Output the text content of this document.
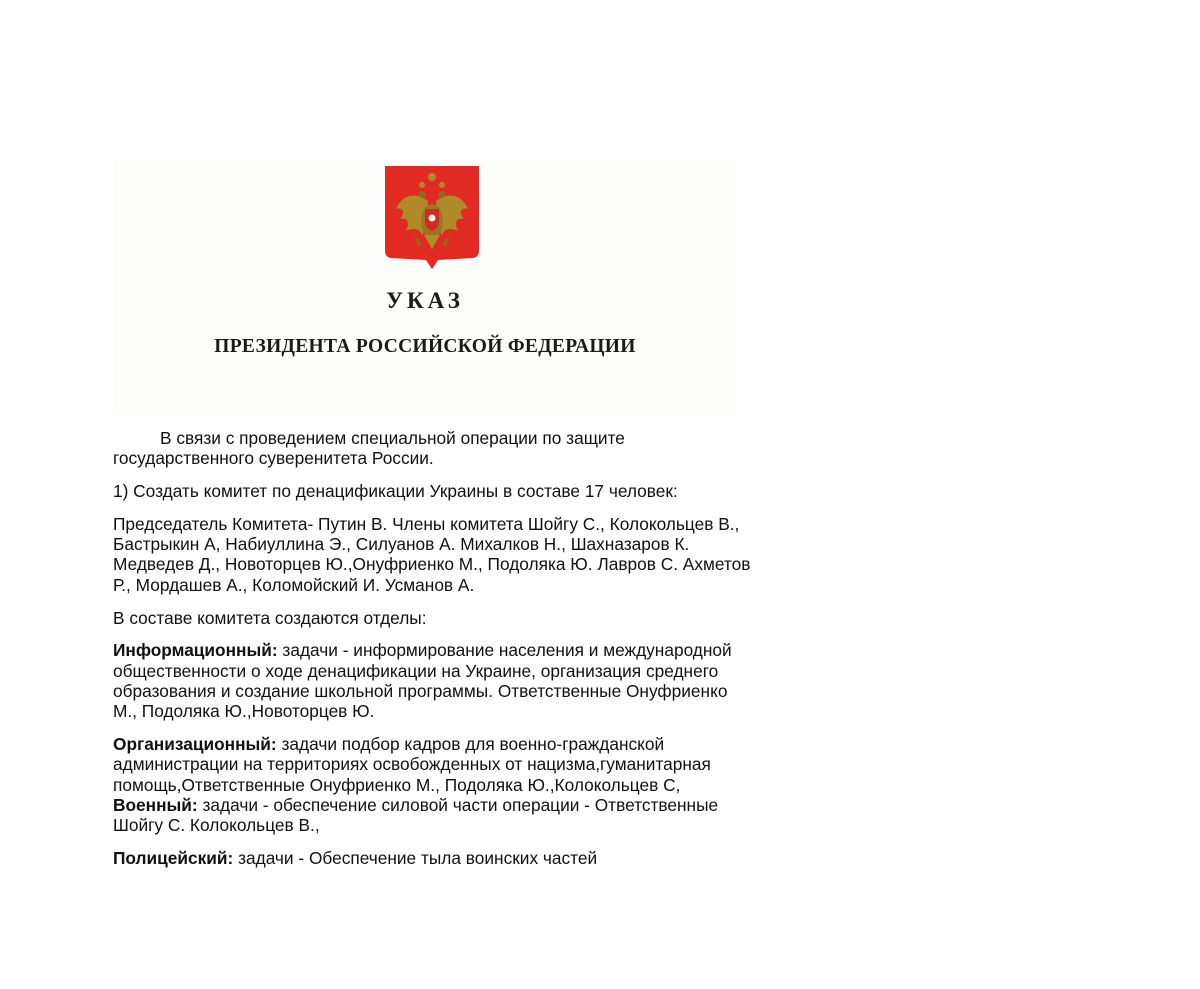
УКАЗ
ПРЕЗИДЕНТА РОССИЙСКОЙ ФЕДЕРАЦИИ

В связи с проведением специальной операции по защите государственного суверенитета России.

1) Создать комитет по денацификации Украины в составе 17 человек:

Председатель Комитета- Путин В. Члены комитета Шойгу С., Колокольцев В., Бастрыкин А, Набиуллина Э., Силуанов А. Михалков Н., Шахназаров К. Медведев Д., Новоторцев Ю.,Онуфриенко М., Подоляка Ю. Лавров С. Ахметов Р., Мордашев А., Коломойский И. Усманов А.

В составе комитета создаются отделы:

Информационный: задачи - информирование населения и международной общественности о ходе денацификации на Украине, организация среднего образования и создание школьной программы. Ответственные Онуфриенко М., Подоляка Ю.,Новоторцев Ю.

Организационный: задачи подбор кадров для военно-гражданской администрации на территориях освобожденных от нацизма,гуманитарная помощь,Ответственные Онуфриенко М., Подоляка Ю.,Колокольцев С,
Военный: задачи - обеспечение силовой части операции - Ответственные Шойгу С. Колокольцев В.,

Полицейский: задачи - Обеспечение тыла воинских частей
